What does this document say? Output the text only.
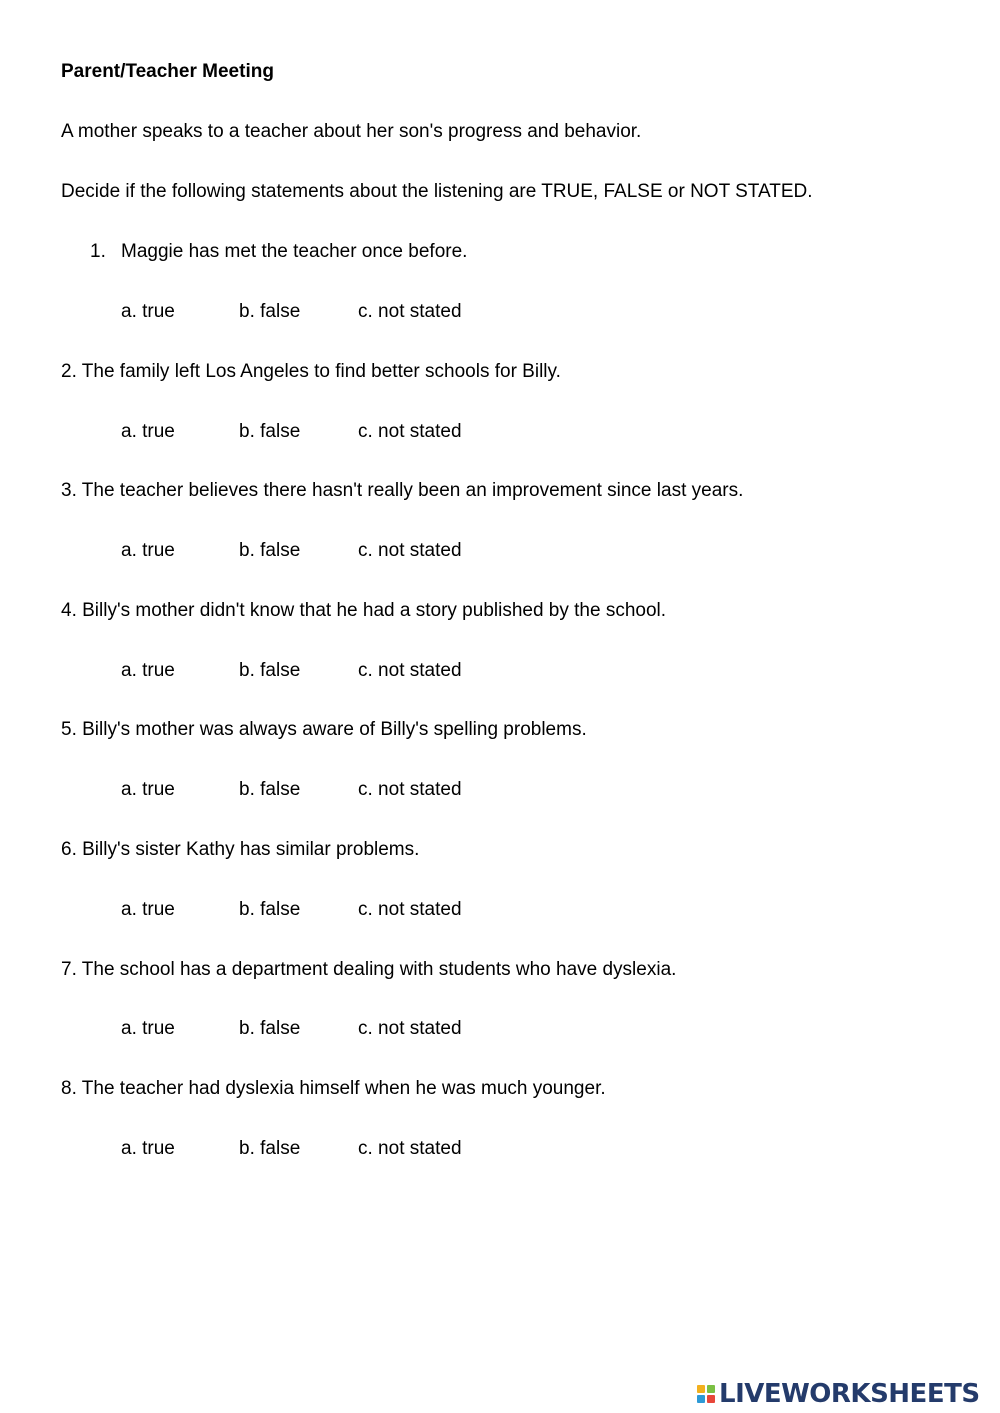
Parent/Teacher Meeting

A mother speaks to a teacher about her son's progress and behavior.

Decide if the following statements about the listening are TRUE, FALSE or NOT STATED.

1. Maggie has met the teacher once before.
a. true	b. false	c. not stated

2. The family left Los Angeles to find better schools for Billy.

a. true	b. false	c. not stated

3. The teacher believes there hasn't really been an improvement since last years.

a. true	b. false	c. not stated

4. Billy's mother didn't know that he had a story published by the school.

a. true	b. false	c. not stated

5. Billy's mother was always aware of Billy's spelling problems.

a. true	b. false	c. not stated

6. Billy's sister Kathy has similar problems.

a. true	b. false	c. not stated

7. The school has a department dealing with students who have dyslexia.

a. true	b. false	c. not stated

8. The teacher had dyslexia himself when he was much younger.

a. true	b. false	c. not stated
LIVEWORKSHEETS
